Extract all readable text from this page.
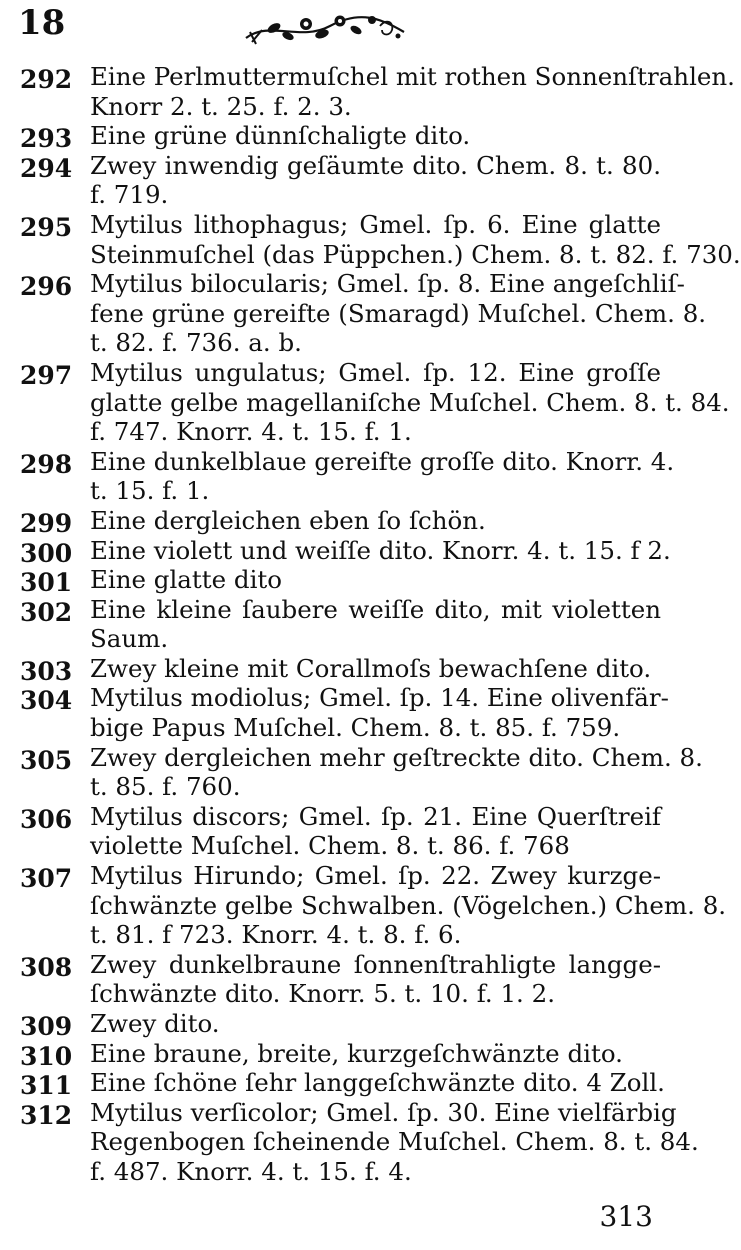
18
292 Eine Perlmuttermuſchel mit rothen Sonnenſtrahlen.
Knorr 2. t. 25. f. 2. 3.
293 Eine grüne dünnſchaligte dito.
294 Zwey inwendig geſäumte dito. Chem. 8. t. 80.
f. 719.
295 Mytilus lithophagus; Gmel. ſp. 6. Eine glatte
Steinmuſchel (das Püppchen.) Chem. 8. t. 82. f. 730.
296 Mytilus bilocularis; Gmel. ſp. 8. Eine angeſchliſ-
fene grüne gereifte (Smaragd) Muſchel. Chem. 8.
t. 82. f. 736. a. b.
297 Mytilus ungulatus; Gmel. ſp. 12. Eine groſſe
glatte gelbe magellaniſche Muſchel. Chem. 8. t. 84.
f. 747. Knorr. 4. t. 15. f. 1.
298 Eine dunkelblaue gereifte groſſe dito. Knorr. 4.
t. 15. f. 1.
299 Eine dergleichen eben ſo ſchön.
300 Eine violett und weiſſe dito. Knorr. 4. t. 15. f 2.
301 Eine glatte dito
302 Eine kleine ſaubere weiſſe dito, mit violetten
Saum.
303 Zwey kleine mit Corallmoſs bewachſene dito.
304 Mytilus modiolus; Gmel. ſp. 14. Eine olivenfär-
bige Papus Muſchel. Chem. 8. t. 85. f. 759.
305 Zwey dergleichen mehr geſtreckte dito. Chem. 8.
t. 85. f. 760.
306 Mytilus discors; Gmel. ſp. 21. Eine Querſtreif
violette Muſchel. Chem. 8. t. 86. f. 768
307 Mytilus Hirundo; Gmel. ſp. 22. Zwey kurzge-
ſchwänzte gelbe Schwalben. (Vögelchen.) Chem. 8.
t. 81. f 723. Knorr. 4. t. 8. f. 6.
308 Zwey dunkelbraune ſonnenſtrahligte langge-
ſchwänzte dito. Knorr. 5. t. 10. f. 1. 2.
309 Zwey dito.
310 Eine braune, breite, kurzgeſchwänzte dito.
311 Eine ſchöne ſehr langgeſchwänzte dito. 4 Zoll.
312 Mytilus verſicolor; Gmel. ſp. 30. Eine vielfärbig
Regenbogen ſcheinende Muſchel. Chem. 8. t. 84.
f. 487. Knorr. 4. t. 15. f. 4.
313
